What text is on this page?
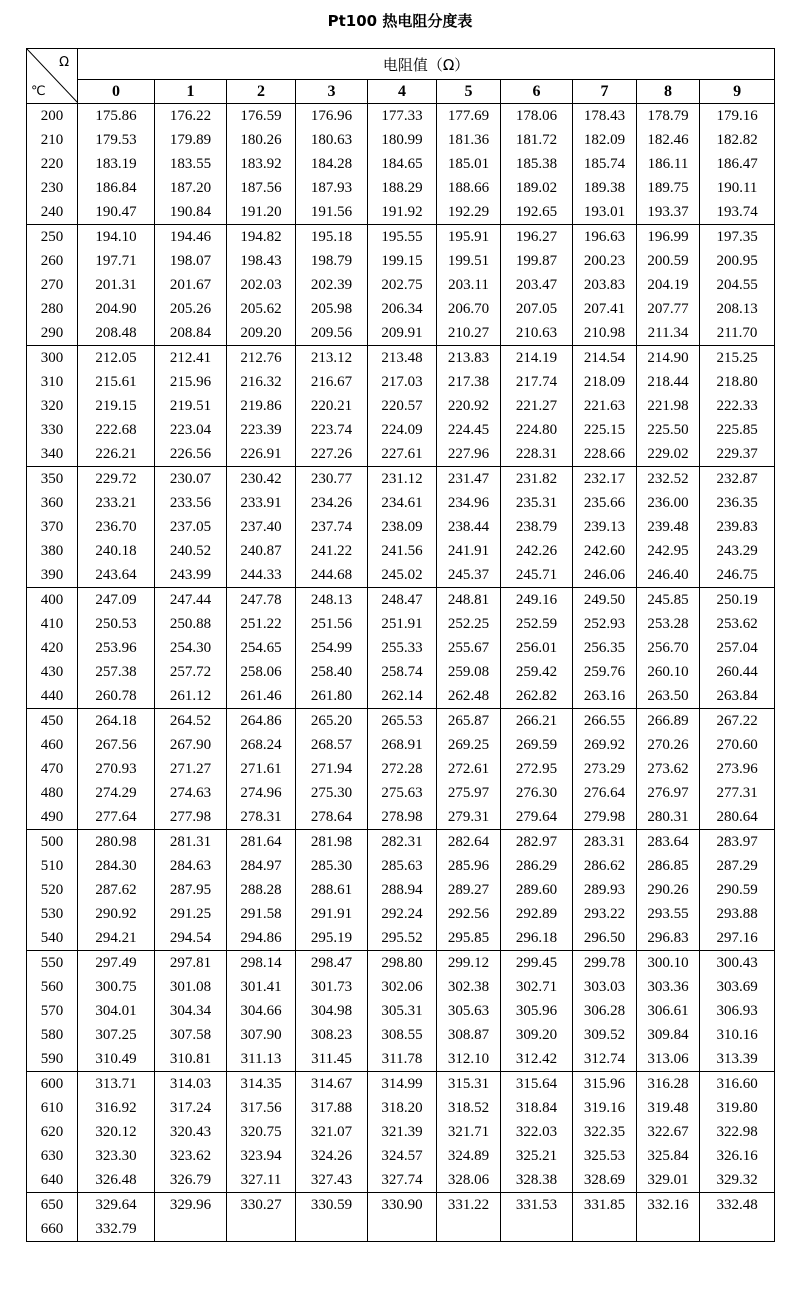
Pt100 热电阻分度表
Ω	电阻值（Ω）									
℃	0	1	2	3	4	5	6	7	8	9
200	175.86	176.22	176.59	176.96	177.33	177.69	178.06	178.43	178.79	179.16
210	179.53	179.89	180.26	180.63	180.99	181.36	181.72	182.09	182.46	182.82
220	183.19	183.55	183.92	184.28	184.65	185.01	185.38	185.74	186.11	186.47
230	186.84	187.20	187.56	187.93	188.29	188.66	189.02	189.38	189.75	190.11
240	190.47	190.84	191.20	191.56	191.92	192.29	192.65	193.01	193.37	193.74
250	194.10	194.46	194.82	195.18	195.55	195.91	196.27	196.63	196.99	197.35
260	197.71	198.07	198.43	198.79	199.15	199.51	199.87	200.23	200.59	200.95
270	201.31	201.67	202.03	202.39	202.75	203.11	203.47	203.83	204.19	204.55
280	204.90	205.26	205.62	205.98	206.34	206.70	207.05	207.41	207.77	208.13
290	208.48	208.84	209.20	209.56	209.91	210.27	210.63	210.98	211.34	211.70
300	212.05	212.41	212.76	213.12	213.48	213.83	214.19	214.54	214.90	215.25
310	215.61	215.96	216.32	216.67	217.03	217.38	217.74	218.09	218.44	218.80
320	219.15	219.51	219.86	220.21	220.57	220.92	221.27	221.63	221.98	222.33
330	222.68	223.04	223.39	223.74	224.09	224.45	224.80	225.15	225.50	225.85
340	226.21	226.56	226.91	227.26	227.61	227.96	228.31	228.66	229.02	229.37
350	229.72	230.07	230.42	230.77	231.12	231.47	231.82	232.17	232.52	232.87
360	233.21	233.56	233.91	234.26	234.61	234.96	235.31	235.66	236.00	236.35
370	236.70	237.05	237.40	237.74	238.09	238.44	238.79	239.13	239.48	239.83
380	240.18	240.52	240.87	241.22	241.56	241.91	242.26	242.60	242.95	243.29
390	243.64	243.99	244.33	244.68	245.02	245.37	245.71	246.06	246.40	246.75
400	247.09	247.44	247.78	248.13	248.47	248.81	249.16	249.50	245.85	250.19
410	250.53	250.88	251.22	251.56	251.91	252.25	252.59	252.93	253.28	253.62
420	253.96	254.30	254.65	254.99	255.33	255.67	256.01	256.35	256.70	257.04
430	257.38	257.72	258.06	258.40	258.74	259.08	259.42	259.76	260.10	260.44
440	260.78	261.12	261.46	261.80	262.14	262.48	262.82	263.16	263.50	263.84
450	264.18	264.52	264.86	265.20	265.53	265.87	266.21	266.55	266.89	267.22
460	267.56	267.90	268.24	268.57	268.91	269.25	269.59	269.92	270.26	270.60
470	270.93	271.27	271.61	271.94	272.28	272.61	272.95	273.29	273.62	273.96
480	274.29	274.63	274.96	275.30	275.63	275.97	276.30	276.64	276.97	277.31
490	277.64	277.98	278.31	278.64	278.98	279.31	279.64	279.98	280.31	280.64
500	280.98	281.31	281.64	281.98	282.31	282.64	282.97	283.31	283.64	283.97
510	284.30	284.63	284.97	285.30	285.63	285.96	286.29	286.62	286.85	287.29
520	287.62	287.95	288.28	288.61	288.94	289.27	289.60	289.93	290.26	290.59
530	290.92	291.25	291.58	291.91	292.24	292.56	292.89	293.22	293.55	293.88
540	294.21	294.54	294.86	295.19	295.52	295.85	296.18	296.50	296.83	297.16
550	297.49	297.81	298.14	298.47	298.80	299.12	299.45	299.78	300.10	300.43
560	300.75	301.08	301.41	301.73	302.06	302.38	302.71	303.03	303.36	303.69
570	304.01	304.34	304.66	304.98	305.31	305.63	305.96	306.28	306.61	306.93
580	307.25	307.58	307.90	308.23	308.55	308.87	309.20	309.52	309.84	310.16
590	310.49	310.81	311.13	311.45	311.78	312.10	312.42	312.74	313.06	313.39
600	313.71	314.03	314.35	314.67	314.99	315.31	315.64	315.96	316.28	316.60
610	316.92	317.24	317.56	317.88	318.20	318.52	318.84	319.16	319.48	319.80
620	320.12	320.43	320.75	321.07	321.39	321.71	322.03	322.35	322.67	322.98
630	323.30	323.62	323.94	324.26	324.57	324.89	325.21	325.53	325.84	326.16
640	326.48	326.79	327.11	327.43	327.74	328.06	328.38	328.69	329.01	329.32
650	329.64	329.96	330.27	330.59	330.90	331.22	331.53	331.85	332.16	332.48
660	332.79									
